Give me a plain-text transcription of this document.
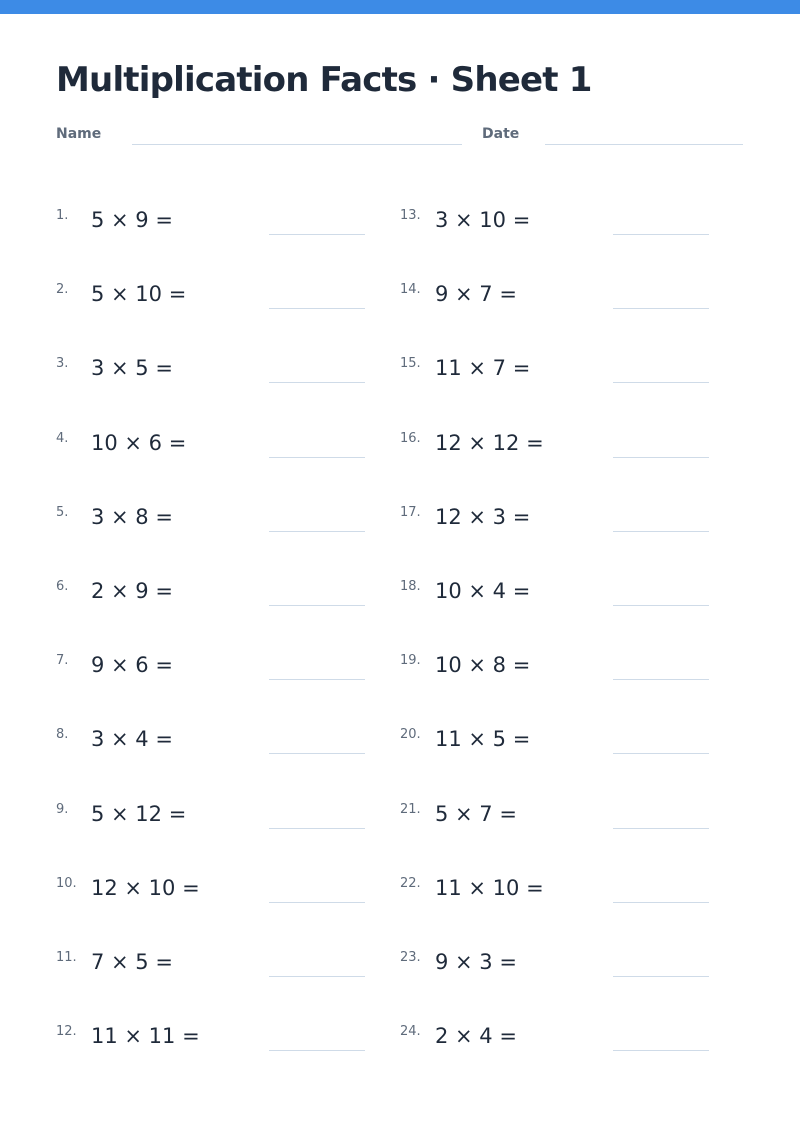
Multiplication Facts · Sheet 1
Name	Date
1. 5 × 9 =
2. 5 × 10 =
3. 3 × 5 =
4. 10 × 6 =
5. 3 × 8 =
6. 2 × 9 =
7. 9 × 6 =
8. 3 × 4 =
9. 5 × 12 =
10. 12 × 10 =
11. 7 × 5 =
12. 11 × 11 =
13. 3 × 10 =
14. 9 × 7 =
15. 11 × 7 =
16. 12 × 12 =
17. 12 × 3 =
18. 10 × 4 =
19. 10 × 8 =
20. 11 × 5 =
21. 5 × 7 =
22. 11 × 10 =
23. 9 × 3 =
24. 2 × 4 =
